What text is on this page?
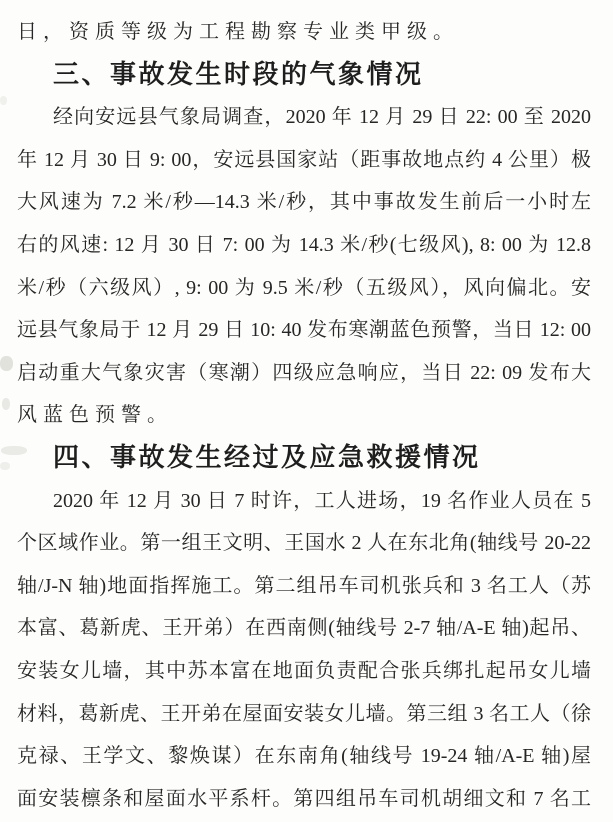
日，资质等级为工程勘察专业类甲级。
三、事故发生时段的气象情况
经向安远县气象局调查，2020 年 12 月 29 日 22: 00 至 2020
年 12 月 30 日 9: 00，安远县国家站（距事故地点约 4 公里）极
大风速为 7.2 米/秒—14.3 米/秒，其中事故发生前后一小时左
右的风速: 12 月 30 日 7: 00 为 14.3 米/秒(七级风), 8: 00 为 12.8
米/秒（六级风）, 9: 00 为 9.5 米/秒（五级风），风向偏北。安
远县气象局于 12 月 29 日 10: 40 发布寒潮蓝色预警，当日 12: 00
启动重大气象灾害（寒潮）四级应急响应，当日 22: 09 发布大
风蓝色预警。
四、事故发生经过及应急救援情况
2020 年 12 月 30 日 7 时许，工人进场，19 名作业人员在 5
个区域作业。第一组王文明、王国水 2 人在东北角(轴线号 20-22
轴/J-N 轴)地面指挥施工。第二组吊车司机张兵和 3 名工人（苏
本富、葛新虎、王开弟）在西南侧(轴线号 2-7 轴/A-E 轴)起吊、
安装女儿墙，其中苏本富在地面负责配合张兵绑扎起吊女儿墙
材料，葛新虎、王开弟在屋面安装女儿墙。第三组 3 名工人（徐
克禄、王学文、黎焕谋）在东南角(轴线号 19-24 轴/A-E 轴)屋
面安装檩条和屋面水平系杆。第四组吊车司机胡细文和 7 名工
